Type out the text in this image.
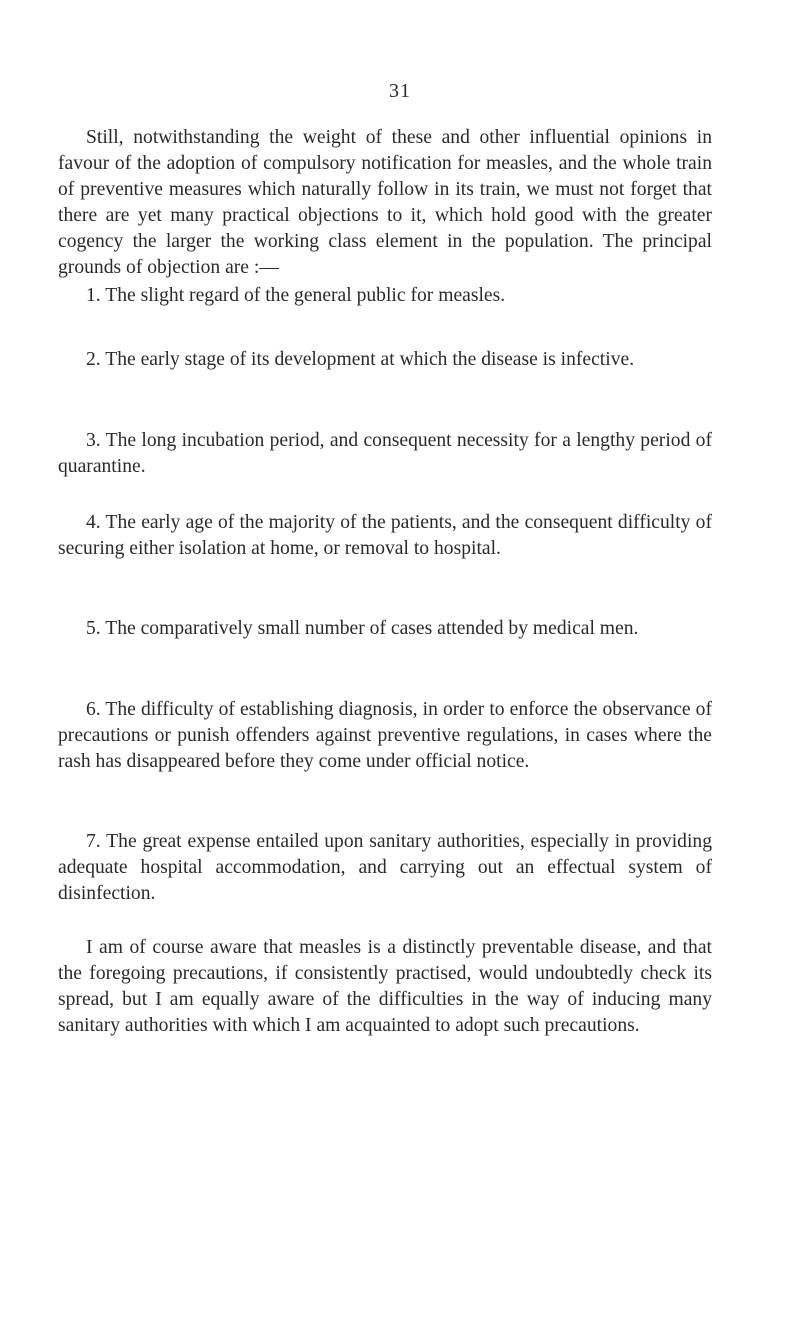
31

Still, notwithstanding the weight of these and other influential opinions in favour of the adoption of compulsory notification for measles, and the whole train of preventive measures which naturally follow in its train, we must not forget that there are yet many practical objections to it, which hold good with the greater cogency the larger the working class element in the population. The principal grounds of objection are :—

1. The slight regard of the general public for measles.

2. The early stage of its development at which the disease is infective.

3. The long incubation period, and consequent necessity for a lengthy period of quarantine.

4. The early age of the majority of the patients, and the consequent difficulty of securing either isolation at home, or removal to hospital.

5. The comparatively small number of cases attended by medical men.

6. The difficulty of establishing diagnosis, in order to enforce the observance of precautions or punish offenders against preventive regulations, in cases where the rash has disappeared before they come under official notice.

7. The great expense entailed upon sanitary authorities, especially in providing adequate hospital accommodation, and carrying out an effectual system of disinfection.

I am of course aware that measles is a distinctly preventable disease, and that the foregoing precautions, if consistently practised, would undoubtedly check its spread, but I am equally aware of the difficulties in the way of inducing many sanitary authorities with which I am acquainted to adopt such precautions.
